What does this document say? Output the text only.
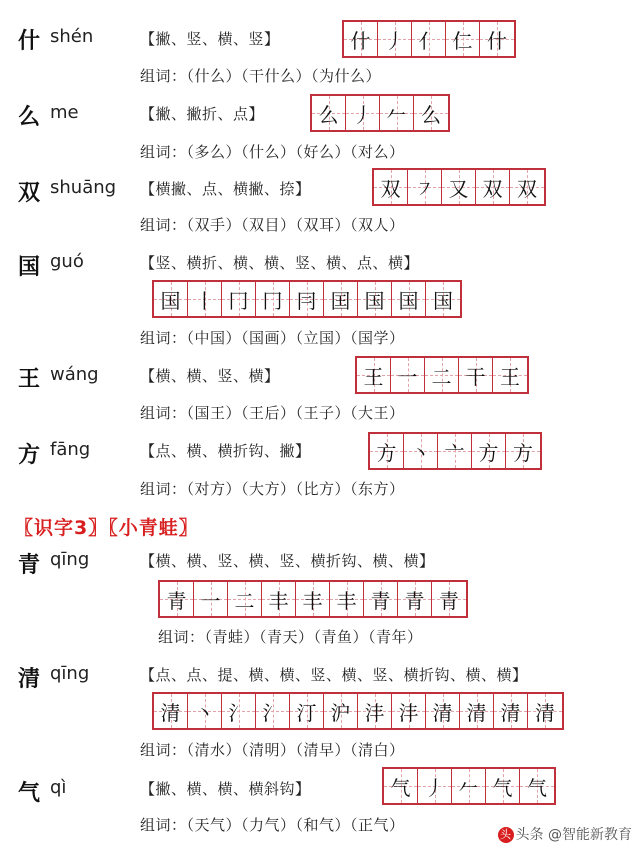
什 shén	【撇、竖、横、竖】	什 丿 亻 仁 什
组词：（什么）（干什么）（为什么）
么 me	【撇、撇折、点】	么 丿 𠂉 么
组词：（多么）（什么）（好么）（对么）
双 shuāng 【横撇、点、横撇、捺】	双 ㇇ 又 双 双
组词：（双手）（双目）（双耳）（双人）
国 guó	【竖、横折、横、横、竖、横、点、横】
国 丨 冂 冂 冃 囯 国 国 国
组词：（中国）（国画）（立国）（国学）
王 wáng	【横、横、竖、横】	王 一 二 干 王
组词：（国王）（王后）（王子）（大王）
方 fāng	【点、横、横折钩、撇】	方 丶 亠 方 方
组词：（对方）（大方）（比方）（东方）
〖识字3〗〖小青蛙〗
青 qīng	【横、横、竖、横、竖、横折钩、横、横】
青 一 二 丰 丰 丰 青 青 青
组词：（青蛙）（青天）（青鱼）（青年）
清 qīng	【点、点、提、横、横、竖、横、竖、横折钩、横、横】
清 丶 氵 氵 汀 沪 沣 沣 清 清 清 清
组词：（清水）（清明）（清早）（清白）
气 qì	【撇、横、横、横斜钩】	气 丿 𠂉 气 气
组词：（天气）（力气）（和气）（正气）
头 头条 @智能新教育
